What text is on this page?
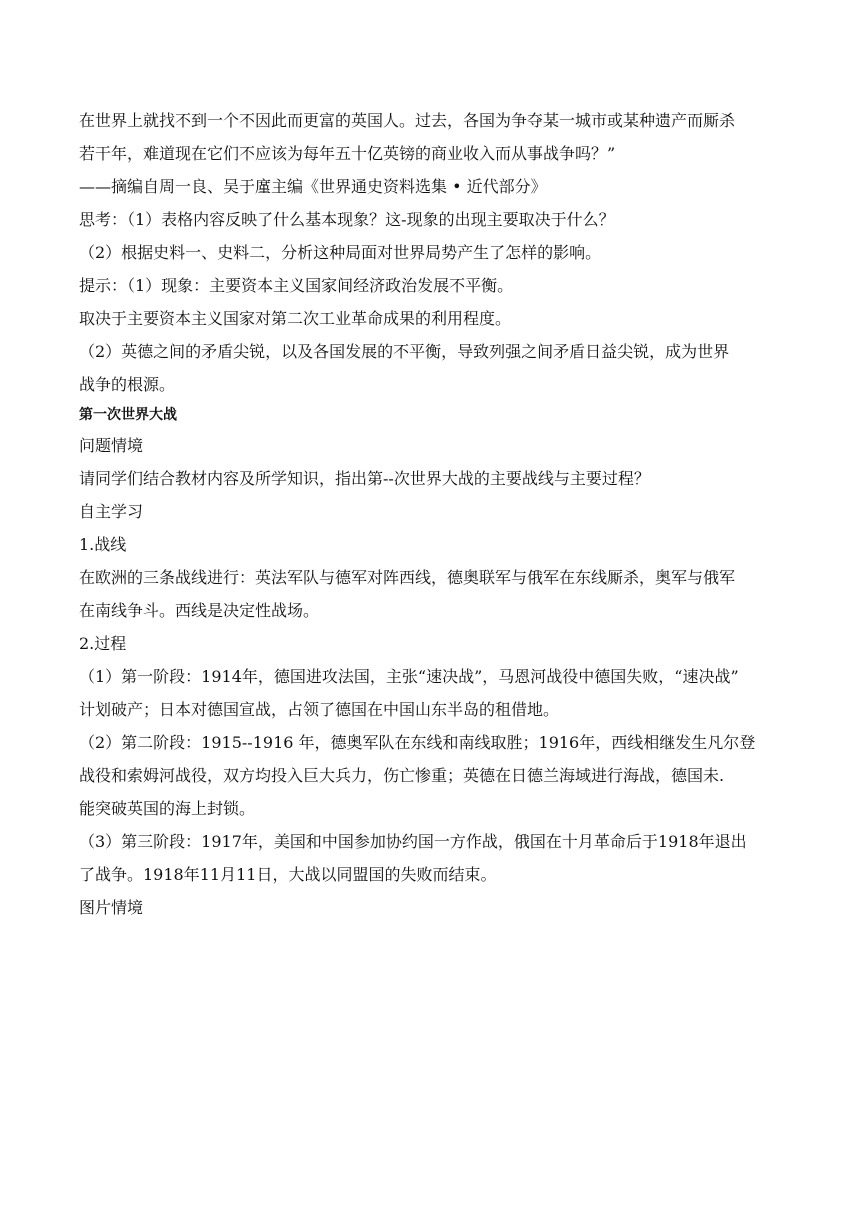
在世界上就找不到一个不因此而更富的英国人。过去，各国为争夺某一城市或某种遗产而厮杀
若干年，难道现在它们不应该为每年五十亿英镑的商业收入而从事战争吗？”

——摘编自周一良、吴于廑主编《世界通史资料选集 • 近代部分》

思考：（1）表格内容反映了什么基本现象？这-现象的出现主要取决于什么？

（2）根据史料一、史料二，分析这种局面对世界局势产生了怎样的影响。

提示：（1）现象：主要资本主义国家间经济政治发展不平衡。

取决于主要资本主义国家对第二次工业革命成果的利用程度。

（2）英德之间的矛盾尖锐，以及各国发展的不平衡，导致列强之间矛盾日益尖锐，成为世界
战争的根源。

第一次世界大战

问题情境

请同学们结合教材内容及所学知识，指出第--次世界大战的主要战线与主要过程？

自主学习

1.战线

在欧洲的三条战线进行：英法军队与德军对阵西线，德奥联军与俄军在东线厮杀，奥军与俄军
在南线争斗。西线是决定性战场。

2.过程

（1）第一阶段：1914年，德国进攻法国，主张“速决战”，马恩河战役中德国失败，“速决战”
计划破产；日本对德国宣战，占领了德国在中国山东半岛的租借地。

（2）第二阶段：1915--1916 年，德奥军队在东线和南线取胜；1916年，西线相继发生凡尔登
战役和索姆河战役，双方均投入巨大兵力，伤亡惨重；英德在日德兰海域进行海战，德国未.
能突破英国的海上封锁。

（3）第三阶段：1917年，美国和中国参加协约国一方作战，俄国在十月革命后于1918年退出
了战争。1918年11月11日，大战以同盟国的失败而结束。

图片情境
